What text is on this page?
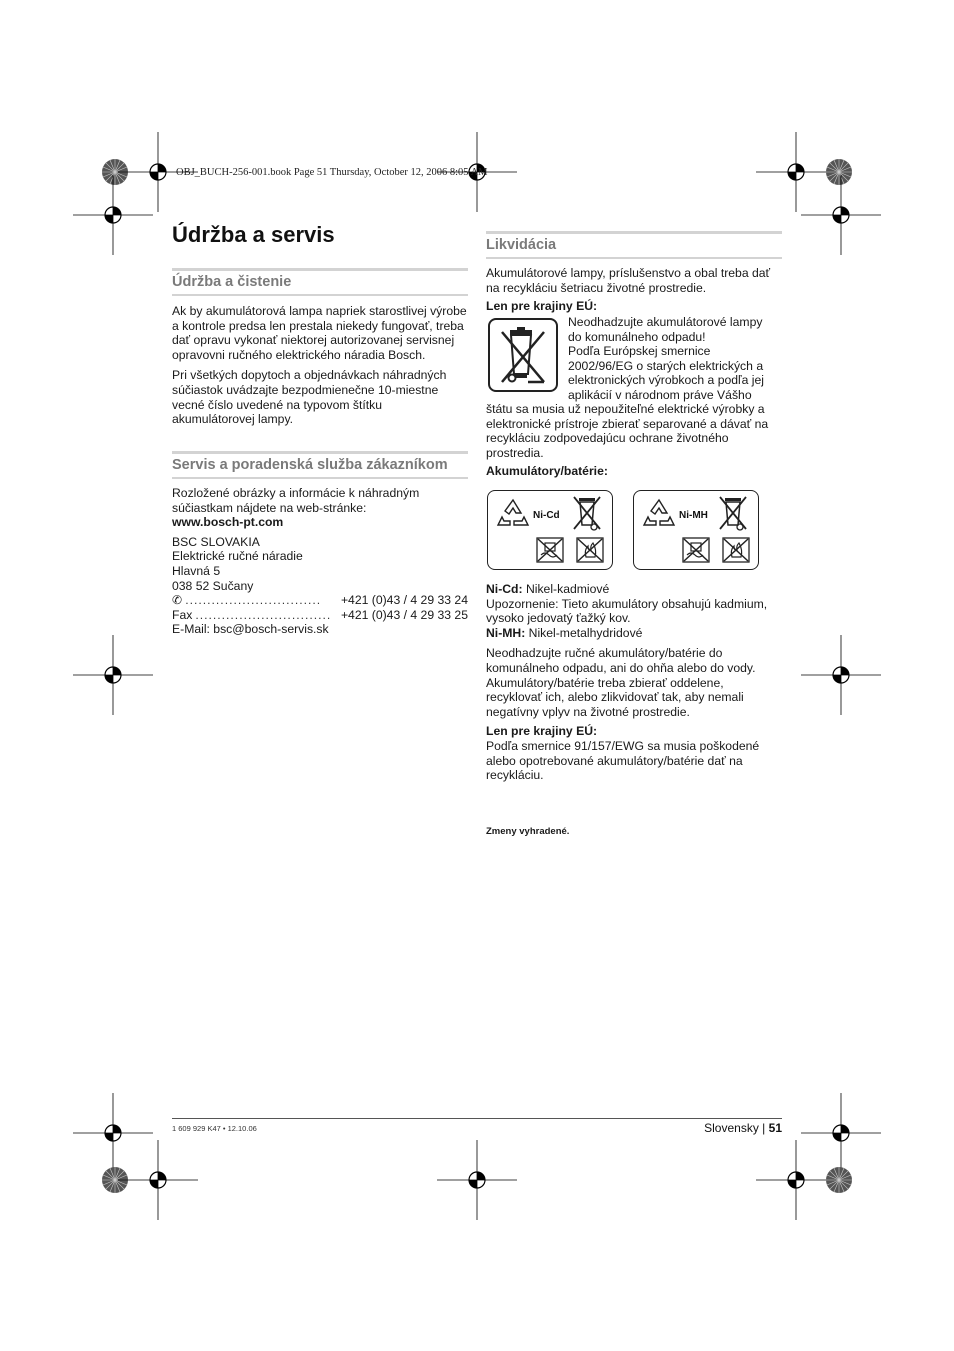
OBJ_BUCH-256-001.book Page 51 Thursday, October 12, 2006 8:05 AM
Údržba a servis
Údržba a čistenie

Ak by akumulátorová lampa napriek starostlivej výrobe a kontrole predsa len prestala niekedy fungovať, treba dať opravu vykonať niektorej autorizovanej servisnej opravovni ručného elektrického náradia Bosch.

Pri všetkých dopytoch a objednávkach náhradných súčiastok uvádzajte bezpodmienečne 10-miestne vecné číslo uvedené na typovom štítku akumulátorovej lampy.

Servis a poradenská služba zákazníkom

Rozložené obrázky a informácie k náhradným súčiastkam nájdete na web-stránke:

www.bosch-pt.com

BSC SLOVAKIA

Elektrické ručné náradie

Hlavná 5

038 52 Sučany

✆ ...............................	+421 (0)43 / 4 29 33 24
Fax ............................... +421 (0)43 / 4 29 33 25

E-Mail: bsc@bosch-servis.sk

Likvidácia

Akumulátorové lampy, príslušenstvo a obal treba dať na recykláciu šetriacu životné prostredie.

Len pre krajiny EÚ:

Neodhadzujte akumulátorové lampy

do komunálneho odpadu!

Podľa Európskej smernice

2002/96/EG o starých elektrických a

elektronických výrobkoch a podľa jej

aplikácií v národnom práve Vášho

štátu sa musia už nepoužiteľné elektrické výrobky a elektronické prístroje zbierať separované a dávať na recykláciu zodpovedajúcu ochrane životného prostredia.

Akumulátory/batérie:

Ni-Cd	Ni-MH

Ni-Cd: Nikel-kadmiové

Upozornenie: Tieto akumulátory obsahujú kadmium, vysoko jedovatý ťažký kov.

Ni-MH: Nikel-metalhydridové

Neodhadzujte ručné akumulátory/batérie do komunálneho odpadu, ani do ohňa alebo do vody. Akumulátory/batérie treba zbierať oddelene, recyklovať ich, alebo zlikvidovať tak, aby nemali negatívny vplyv na životné prostredie.

Len pre krajiny EÚ:

Podľa smernice 91/157/EWG sa musia poškodené alebo opotrebované akumulátory/batérie dať na recykláciu.

Zmeny vyhradené.
1 609 929 K47 • 12.10.06	Slovensky | 51
